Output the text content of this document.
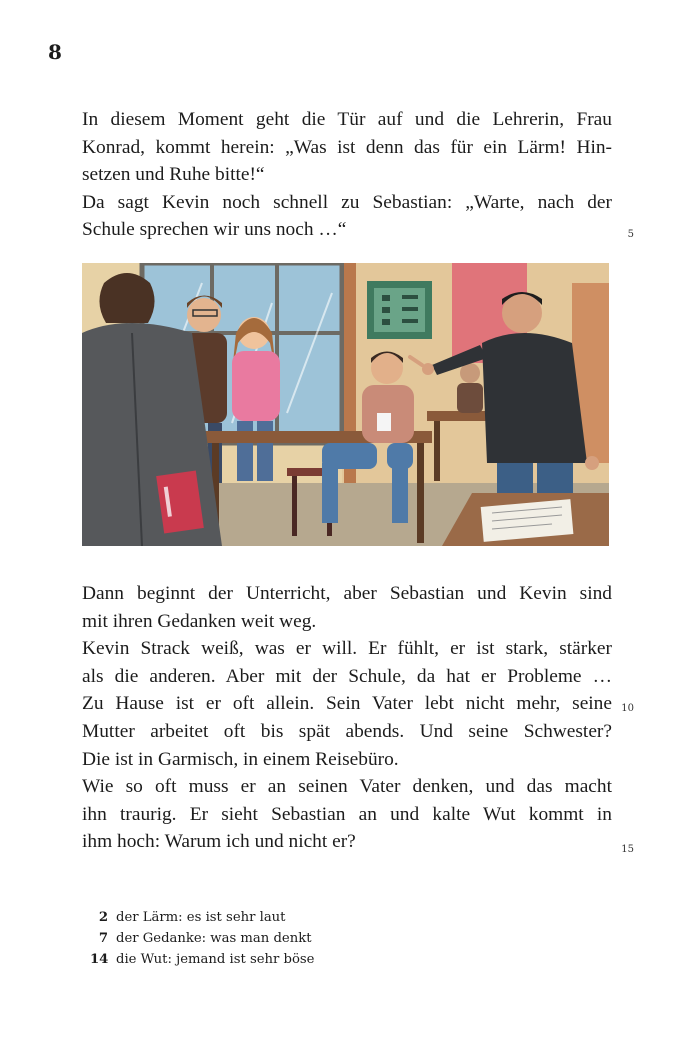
8
In diesem Moment geht die Tür auf und die Lehrerin, Frau
Konrad, kommt herein: „Was ist denn das für ein Lärm! Hin-
setzen und Ruhe bitte!“
Da sagt Kevin noch schnell zu Sebastian: „Warte, nach der
Schule sprechen wir uns noch …“	5
Dann beginnt der Unterricht, aber Sebastian und Kevin sind
mit ihren Gedanken weit weg.
Kevin Strack weiß, was er will. Er fühlt, er ist stark, stärker
als die anderen. Aber mit der Schule, da hat er Probleme …
Zu Hause ist er oft allein. Sein Vater lebt nicht mehr, seine
Mutter arbeitet oft bis spät abends. Und seine Schwester?
Die ist in Garmisch, in einem Reisebüro.
Wie so oft muss er an seinen Vater denken, und das macht
ihn traurig. Er sieht Sebastian an und kalte Wut kommt in
ihm hoch: Warum ich und nicht er?
10
15
2 der Lärm: es ist sehr laut
7 der Gedanke: was man denkt
14 die Wut: jemand ist sehr böse
